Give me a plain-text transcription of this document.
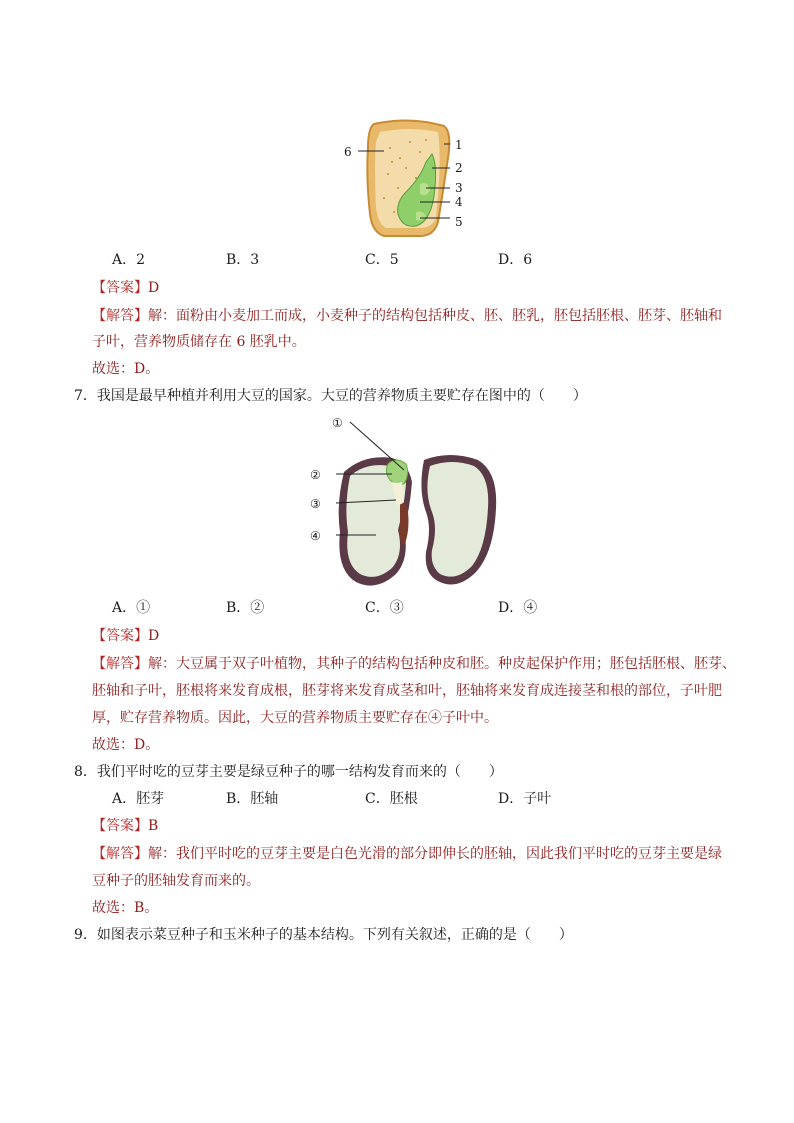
1
2
3
4
5
6
A．2	B．3	C．5	D．6
【答案】D
【解答】解：面粉由小麦加工而成，小麦种子的结构包括种皮、胚、胚乳，胚包括胚根、胚芽、胚轴和
子叶，营养物质储存在 6 胚乳中。
故选：D。
7．我国是最早种植并利用大豆的国家。大豆的营养物质主要贮存在图中的（　　）
①
②
③
④
A．①	B．②	C．③	D．④
【答案】D
【解答】解：大豆属于双子叶植物，其种子的结构包括种皮和胚。种皮起保护作用；胚包括胚根、胚芽、
胚轴和子叶，胚根将来发育成根，胚芽将来发育成茎和叶，胚轴将来发育成连接茎和根的部位，子叶肥
厚，贮存营养物质。因此，大豆的营养物质主要贮存在④子叶中。
故选：D。
8．我们平时吃的豆芽主要是绿豆种子的哪一结构发育而来的（　　）
A．胚芽	B．胚轴	C．胚根	D．子叶
【答案】B
【解答】解：我们平时吃的豆芽主要是白色光滑的部分即伸长的胚轴，因此我们平时吃的豆芽主要是绿
豆种子的胚轴发育而来的。
故选：B。
9．如图表示菜豆种子和玉米种子的基本结构。下列有关叙述，正确的是（　　）
